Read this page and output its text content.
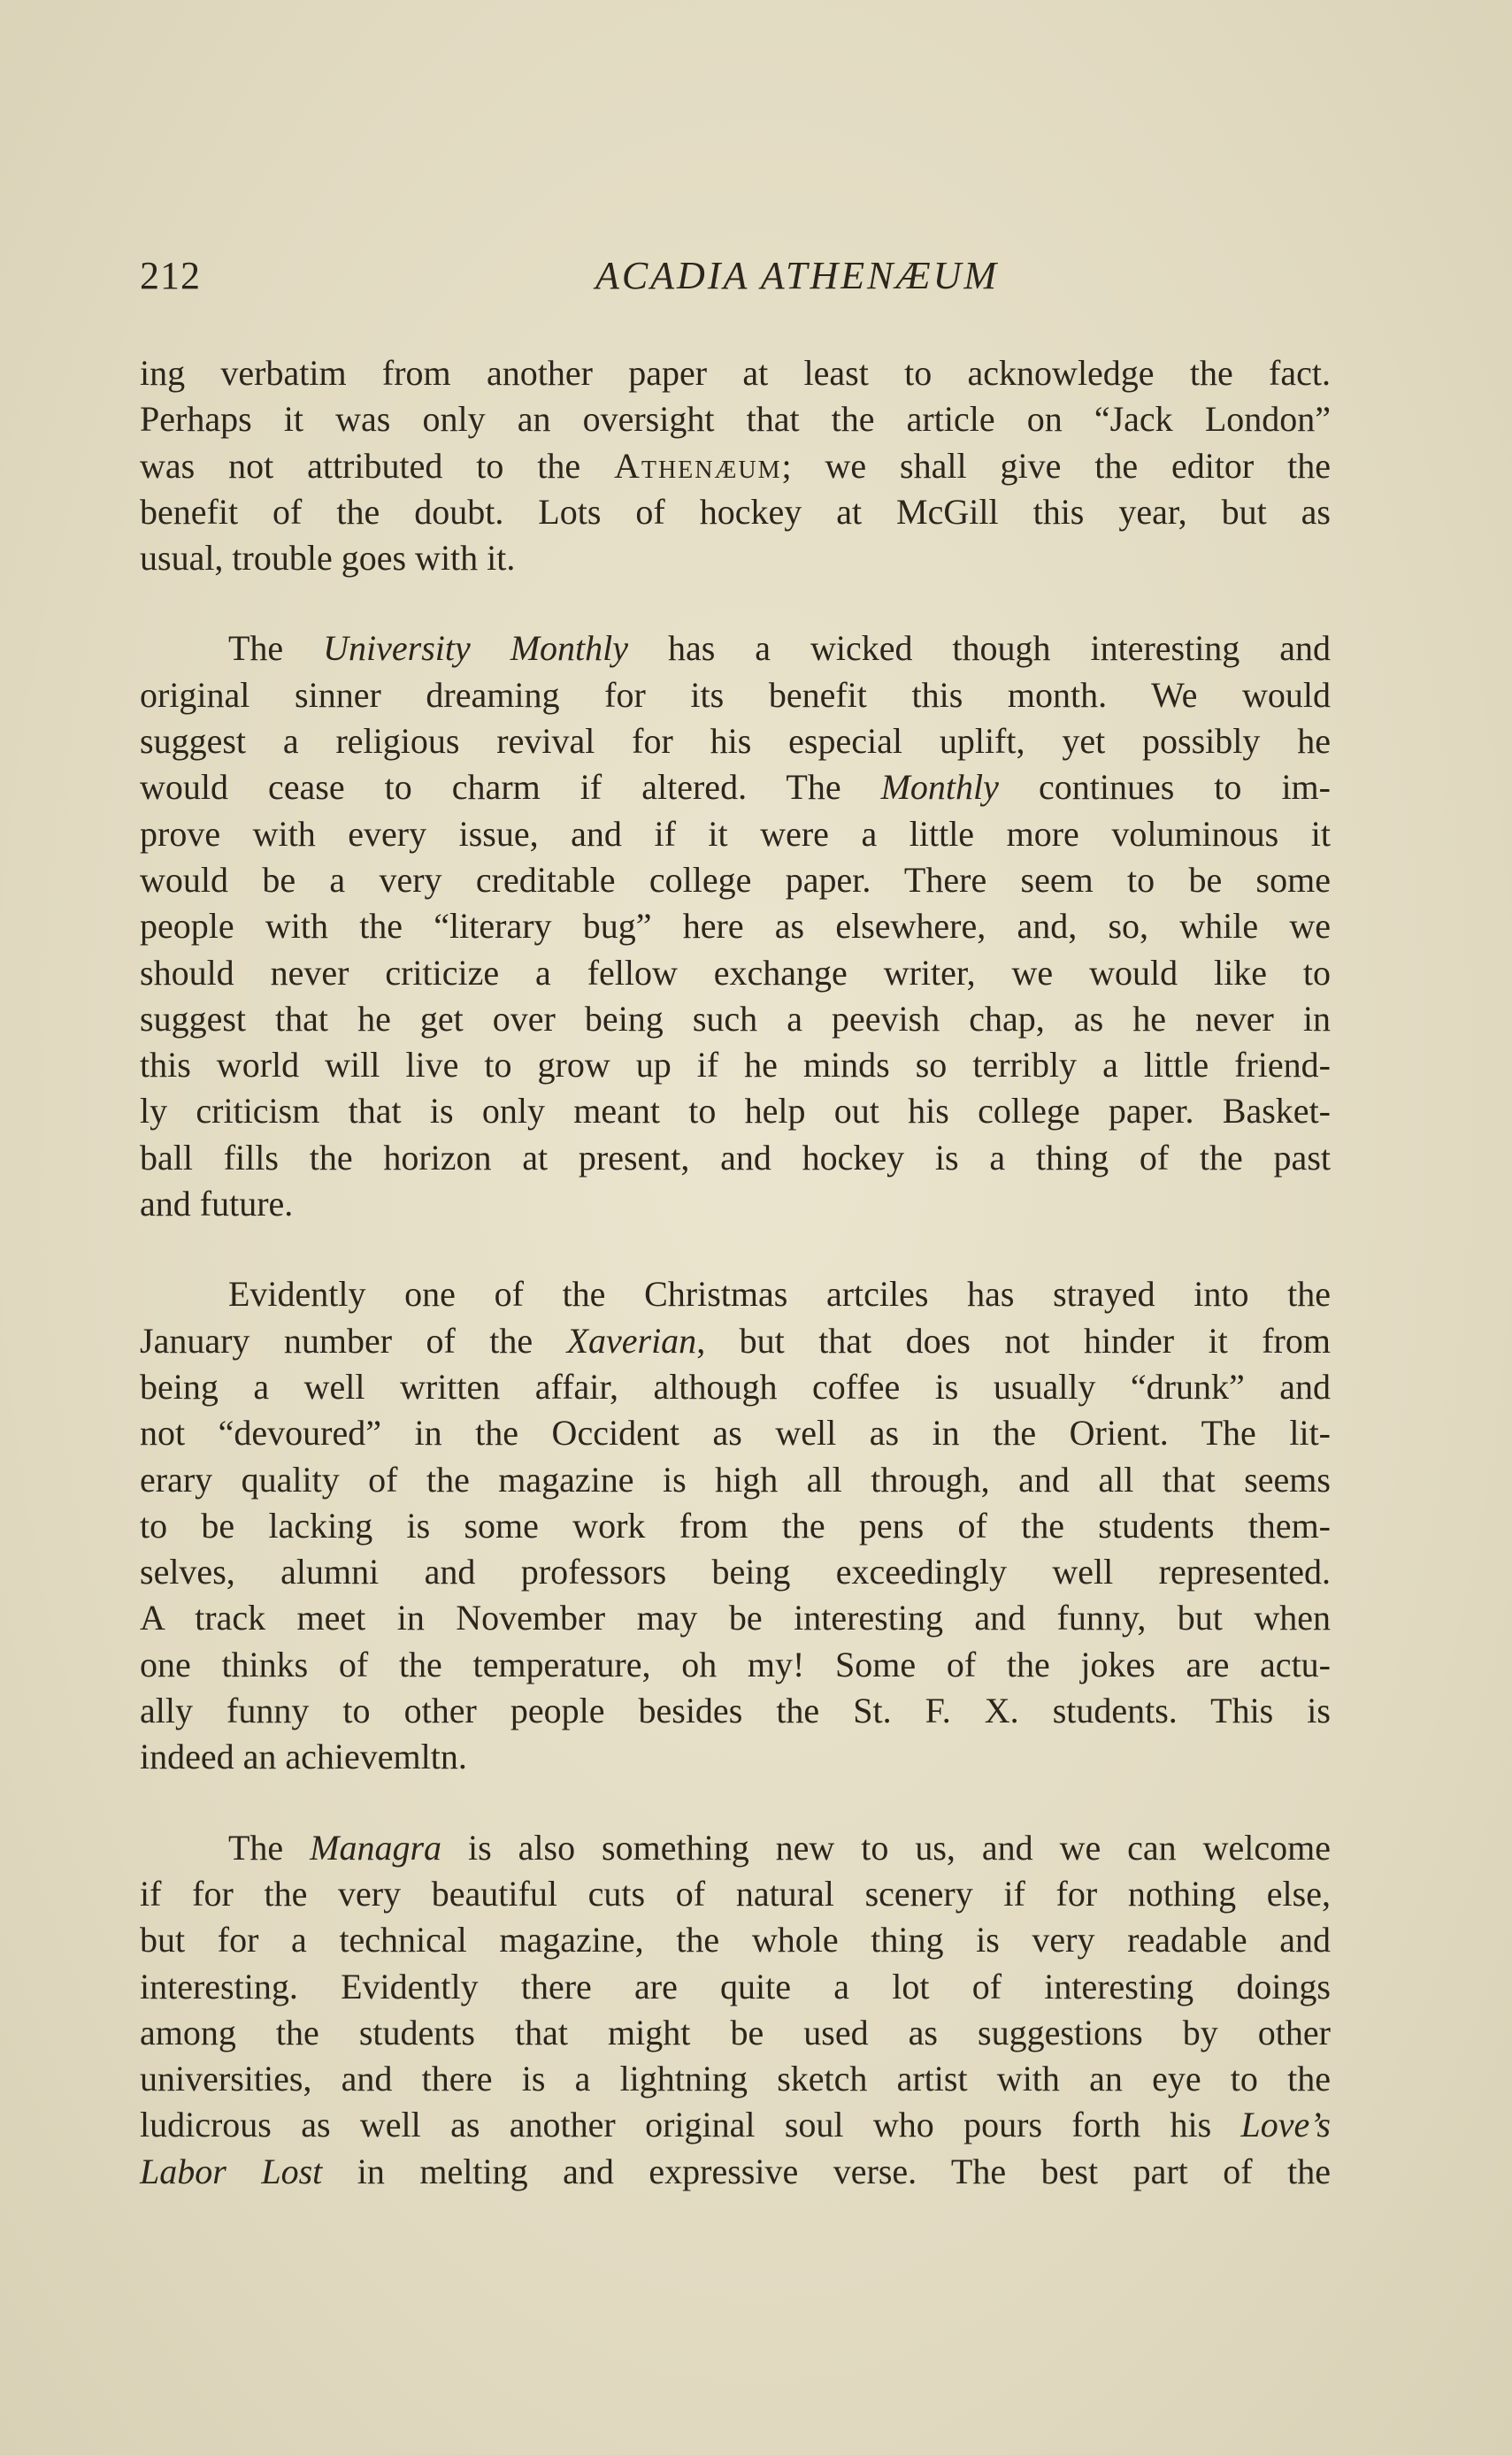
212	ACADIA ATHENÆUM
ing verbatim from another paper at least to acknowledge the fact.
Perhaps it was only an oversight that the article on “Jack London”
was not attributed to the Athenæum; we shall give the editor the
benefit of the doubt. Lots of hockey at McGill this year, but as
usual, trouble goes with it.
The University Monthly has a wicked though interesting and
original sinner dreaming for its benefit this month. We would
suggest a religious revival for his especial uplift, yet possibly he
would cease to charm if altered. The Monthly continues to im-
prove with every issue, and if it were a little more voluminous it
would be a very creditable college paper. There seem to be some
people with the “literary bug” here as elsewhere, and, so, while we
should never criticize a fellow exchange writer, we would like to
suggest that he get over being such a peevish chap, as he never in
this world will live to grow up if he minds so terribly a little friend-
ly criticism that is only meant to help out his college paper. Basket-
ball fills the horizon at present, and hockey is a thing of the past
and future.
Evidently one of the Christmas artciles has strayed into the
January number of the Xaverian, but that does not hinder it from
being a well written affair, although coffee is usually “drunk” and
not “devoured” in the Occident as well as in the Orient. The lit-
erary quality of the magazine is high all through, and all that seems
to be lacking is some work from the pens of the students them-
selves, alumni and professors being exceedingly well represented.
A track meet in November may be interesting and funny, but when
one thinks of the temperature, oh my! Some of the jokes are actu-
ally funny to other people besides the St. F. X. students. This is
indeed an achievemltn.
The Managra is also something new to us, and we can welcome
if for the very beautiful cuts of natural scenery if for nothing else,
but for a technical magazine, the whole thing is very readable and
interesting. Evidently there are quite a lot of interesting doings
among the students that might be used as suggestions by other
universities, and there is a lightning sketch artist with an eye to the
ludicrous as well as another original soul who pours forth his Love’s
Labor Lost in melting and expressive verse. The best part of the
